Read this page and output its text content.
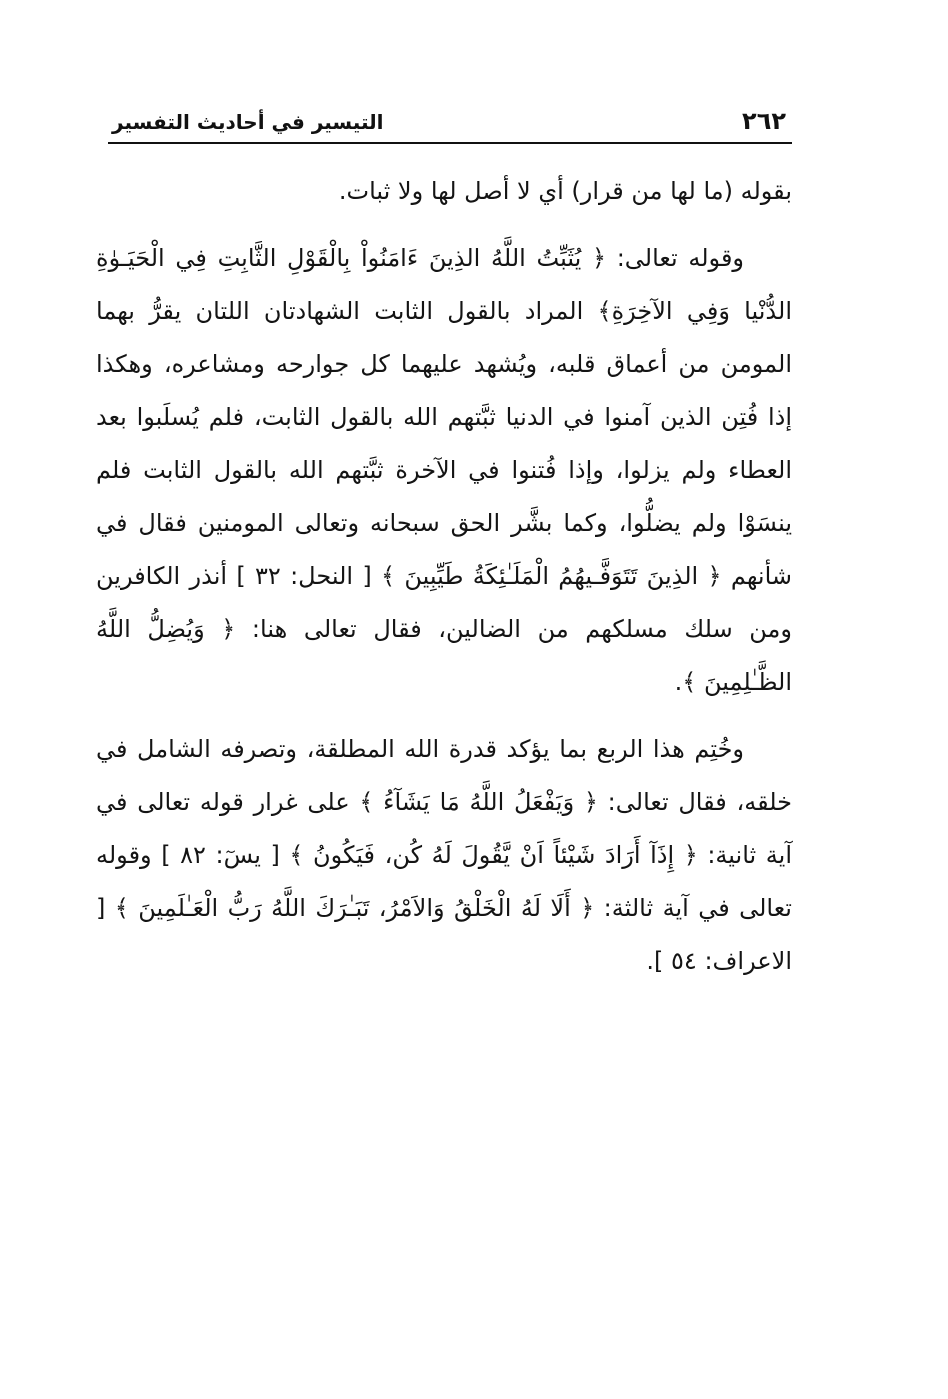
٢٦٢
التيسير في أحاديث التفسير

بقوله (ما لها من قرار) أي لا أصل لها ولا ثبات.

وقوله تعالى: ﴿ يُثَبِّتُ اللَّهُ الذِينَ ءَامَنُواْ بِالْقَوْلِ الثَّابِتِ فِي الْحَيَـوٰةِ الدُّنْيا وَفِي الآخِرَةِ﴾ المراد بالقول الثابت الشهادتان اللتان يقرُّ بهما المومن من أعماق قلبه، ويُشهد عليهما كل جوارحه ومشاعره، وهكذا إذا فُتِن الذين آمنوا في الدنيا ثبَّتهم الله بالقول الثابت، فلم يُسلَبوا بعد العطاء ولم يزلوا، وإذا فُتنوا في الآخرة ثبَّتهم الله بالقول الثابت فلم ينسَوْا ولم يضلُّوا، وكما بشَّر الحق سبحانه وتعالى المومنين فقال في شأنهم ﴿ الذِينَ تَتَوَفَّـيهُمُ الْمَلَـٰئِكَةُ طَيِّبِينَ ﴾ [ النحل: ٣٢ ] أنذر الكافرين ومن سلك مسلكهم من الضالين، فقال تعالى هنا: ﴿ وَيُضِلُّ اللَّهُ الظَّـٰلِمِينَ ﴾.

وخُتِم هذا الربع بما يؤكد قدرة الله المطلقة، وتصرفه الشامل في خلقه، فقال تعالى: ﴿ وَيَفْعَلُ اللَّهُ مَا يَشَآءُ ﴾ على غرار قوله تعالى في آية ثانية: ﴿ إِذَآ أَرَادَ شَيْئاً اَنْ يَّقُولَ لَهُ كُن، فَيَكُونُ ﴾ [ يسٓ: ٨٢ ] وقوله تعالى في آية ثالثة: ﴿ أَلَا لَهُ الْخَلْقُ وَالاَمْرُ، تَبَـٰرَكَ اللَّهُ رَبُّ الْعَـٰلَمِينَ ﴾ [ الاعراف: ٥٤ ].
